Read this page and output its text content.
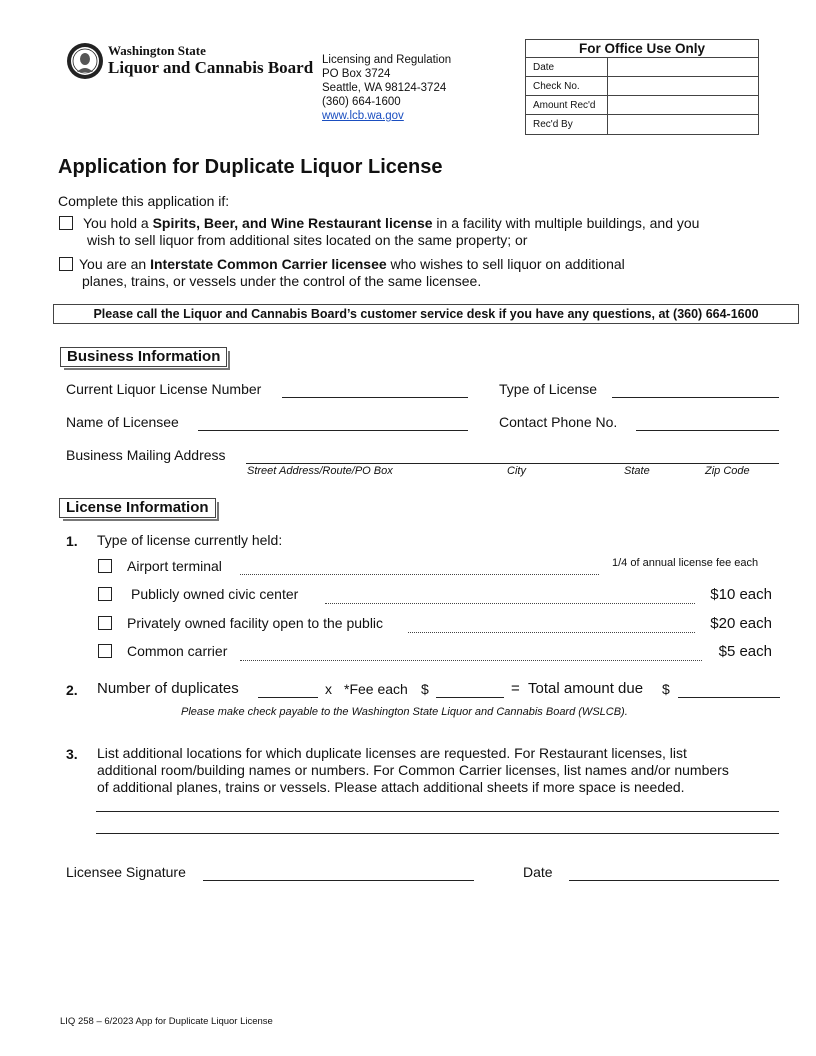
Washington State
Liquor and Cannabis Board Licensing and Regulation
PO Box 3724
Seattle, WA 98124-3724
(360) 664-1600
www.lcb.wa.gov
For Office Use Only
Date
Check No.
Amount Rec'd
Rec'd By
Application for Duplicate Liquor License
Complete this application if:
You hold a Spirits, Beer, and Wine Restaurant license in a facility with multiple buildings, and you
wish to sell liquor from additional sites located on the same property; or
You are an Interstate Common Carrier licensee who wishes to sell liquor on additional
planes, trains, or vessels under the control of the same licensee.
Please call the Liquor and Cannabis Board’s customer service desk if you have any questions, at (360) 664-1600
Business Information
Current Liquor License Number	Type of License
Name of Licensee	Contact Phone No.
Business Mailing Address
Street Address/Route/PO Box	City	State	Zip Code
License Information
1. Type of license currently held:
Airport terminal	1/4 of annual license fee each
Publicly owned civic center	$10 each
Privately owned facility open to the public	$20 each
Common carrier	$5 each
2. Number of duplicates	x *Fee each $	= Total amount due $
Please make check payable to the Washington State Liquor and Cannabis Board (WSLCB).
3. List additional locations for which duplicate licenses are requested. For Restaurant licenses, list
additional room/building names or numbers. For Common Carrier licenses, list names and/or numbers
of additional planes, trains or vessels. Please attach additional sheets if more space is needed.
Licensee Signature	Date
LIQ 258 – 6/2023 App for Duplicate Liquor License
